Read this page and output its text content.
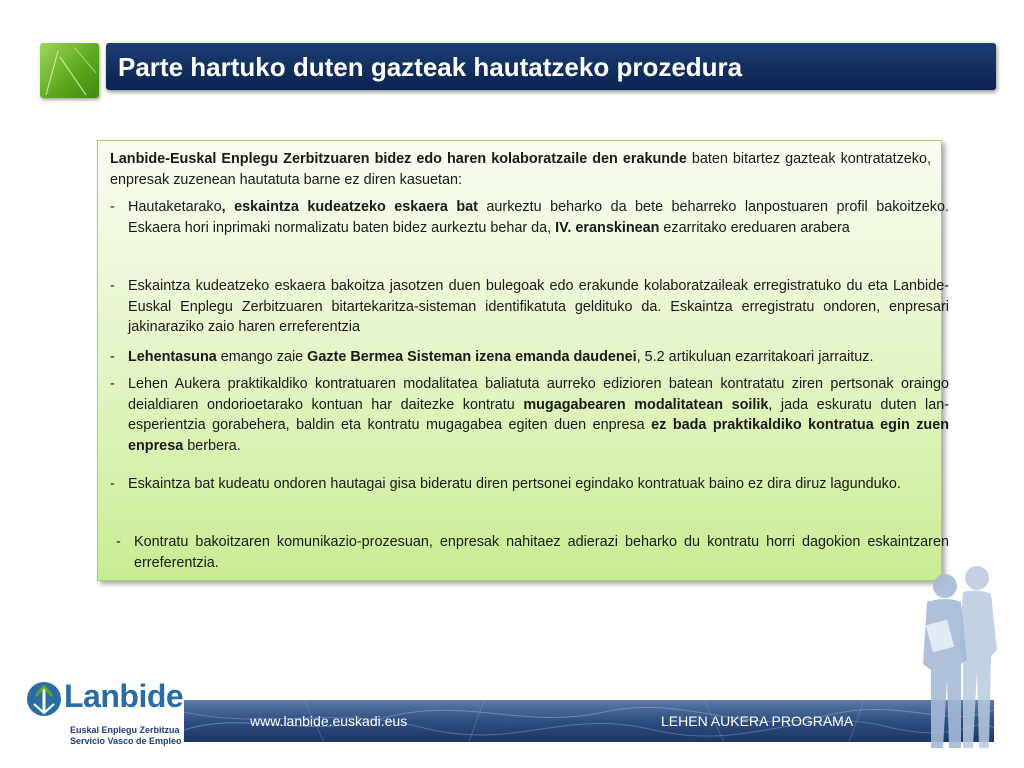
Parte hartuko duten gazteak hautatzeko prozedura
Lanbide-Euskal Enplegu Zerbitzuaren bidez edo haren kolaboratzaile den erakunde baten bitartez gazteak kontratatzeko, enpresak zuzenean hautatuta barne ez diren kasuetan:
- Hautaketarako, eskaintza kudeatzeko eskaera bat aurkeztu beharko da bete beharreko lanpostuaren profil bakoitzeko. Eskaera hori inprimaki normalizatu baten bidez aurkeztu behar da, IV. eranskinean ezarritako ereduaren arabera
- Eskaintza kudeatzeko eskaera bakoitza jasotzen duen bulegoak edo erakunde kolaboratzaileak erregistratuko du eta Lanbide-Euskal Enplegu Zerbitzuaren bitartekaritza-sisteman identifikatuta geldituko da. Eskaintza erregistratu ondoren, enpresari jakinaraziko zaio haren erreferentzia
- Lehentasuna emango zaie Gazte Bermea Sisteman izena emanda daudenei, 5.2 artikuluan ezarritakoari jarraituz.
- Lehen Aukera praktikaldiko kontratuaren modalitatea baliatuta aurreko edizioren batean kontratatu ziren pertsonak oraingo deialdiaren ondorioetarako kontuan har daitezke kontratu mugagabearen modalitatean soilik, jada eskuratu duten lan-esperientzia gorabehera, baldin eta kontratu mugagabea egiten duen enpresa ez bada praktikaldiko kontratua egin zuen enpresa berbera.
- Eskaintza bat kudeatu ondoren hautagai gisa bideratu diren pertsonei egindako kontratuak baino ez dira diruz lagunduko.
- Kontratu bakoitzaren komunikazio-prozesuan, enpresak nahitaez adierazi beharko du kontratu horri dagokion eskaintzaren erreferentzia.
Lanbide
Euskal Enplegu Zerbitzua
Servicio Vasco de Empleo
www.lanbide.euskadi.eus	LEHEN AUKERA PROGRAMA
